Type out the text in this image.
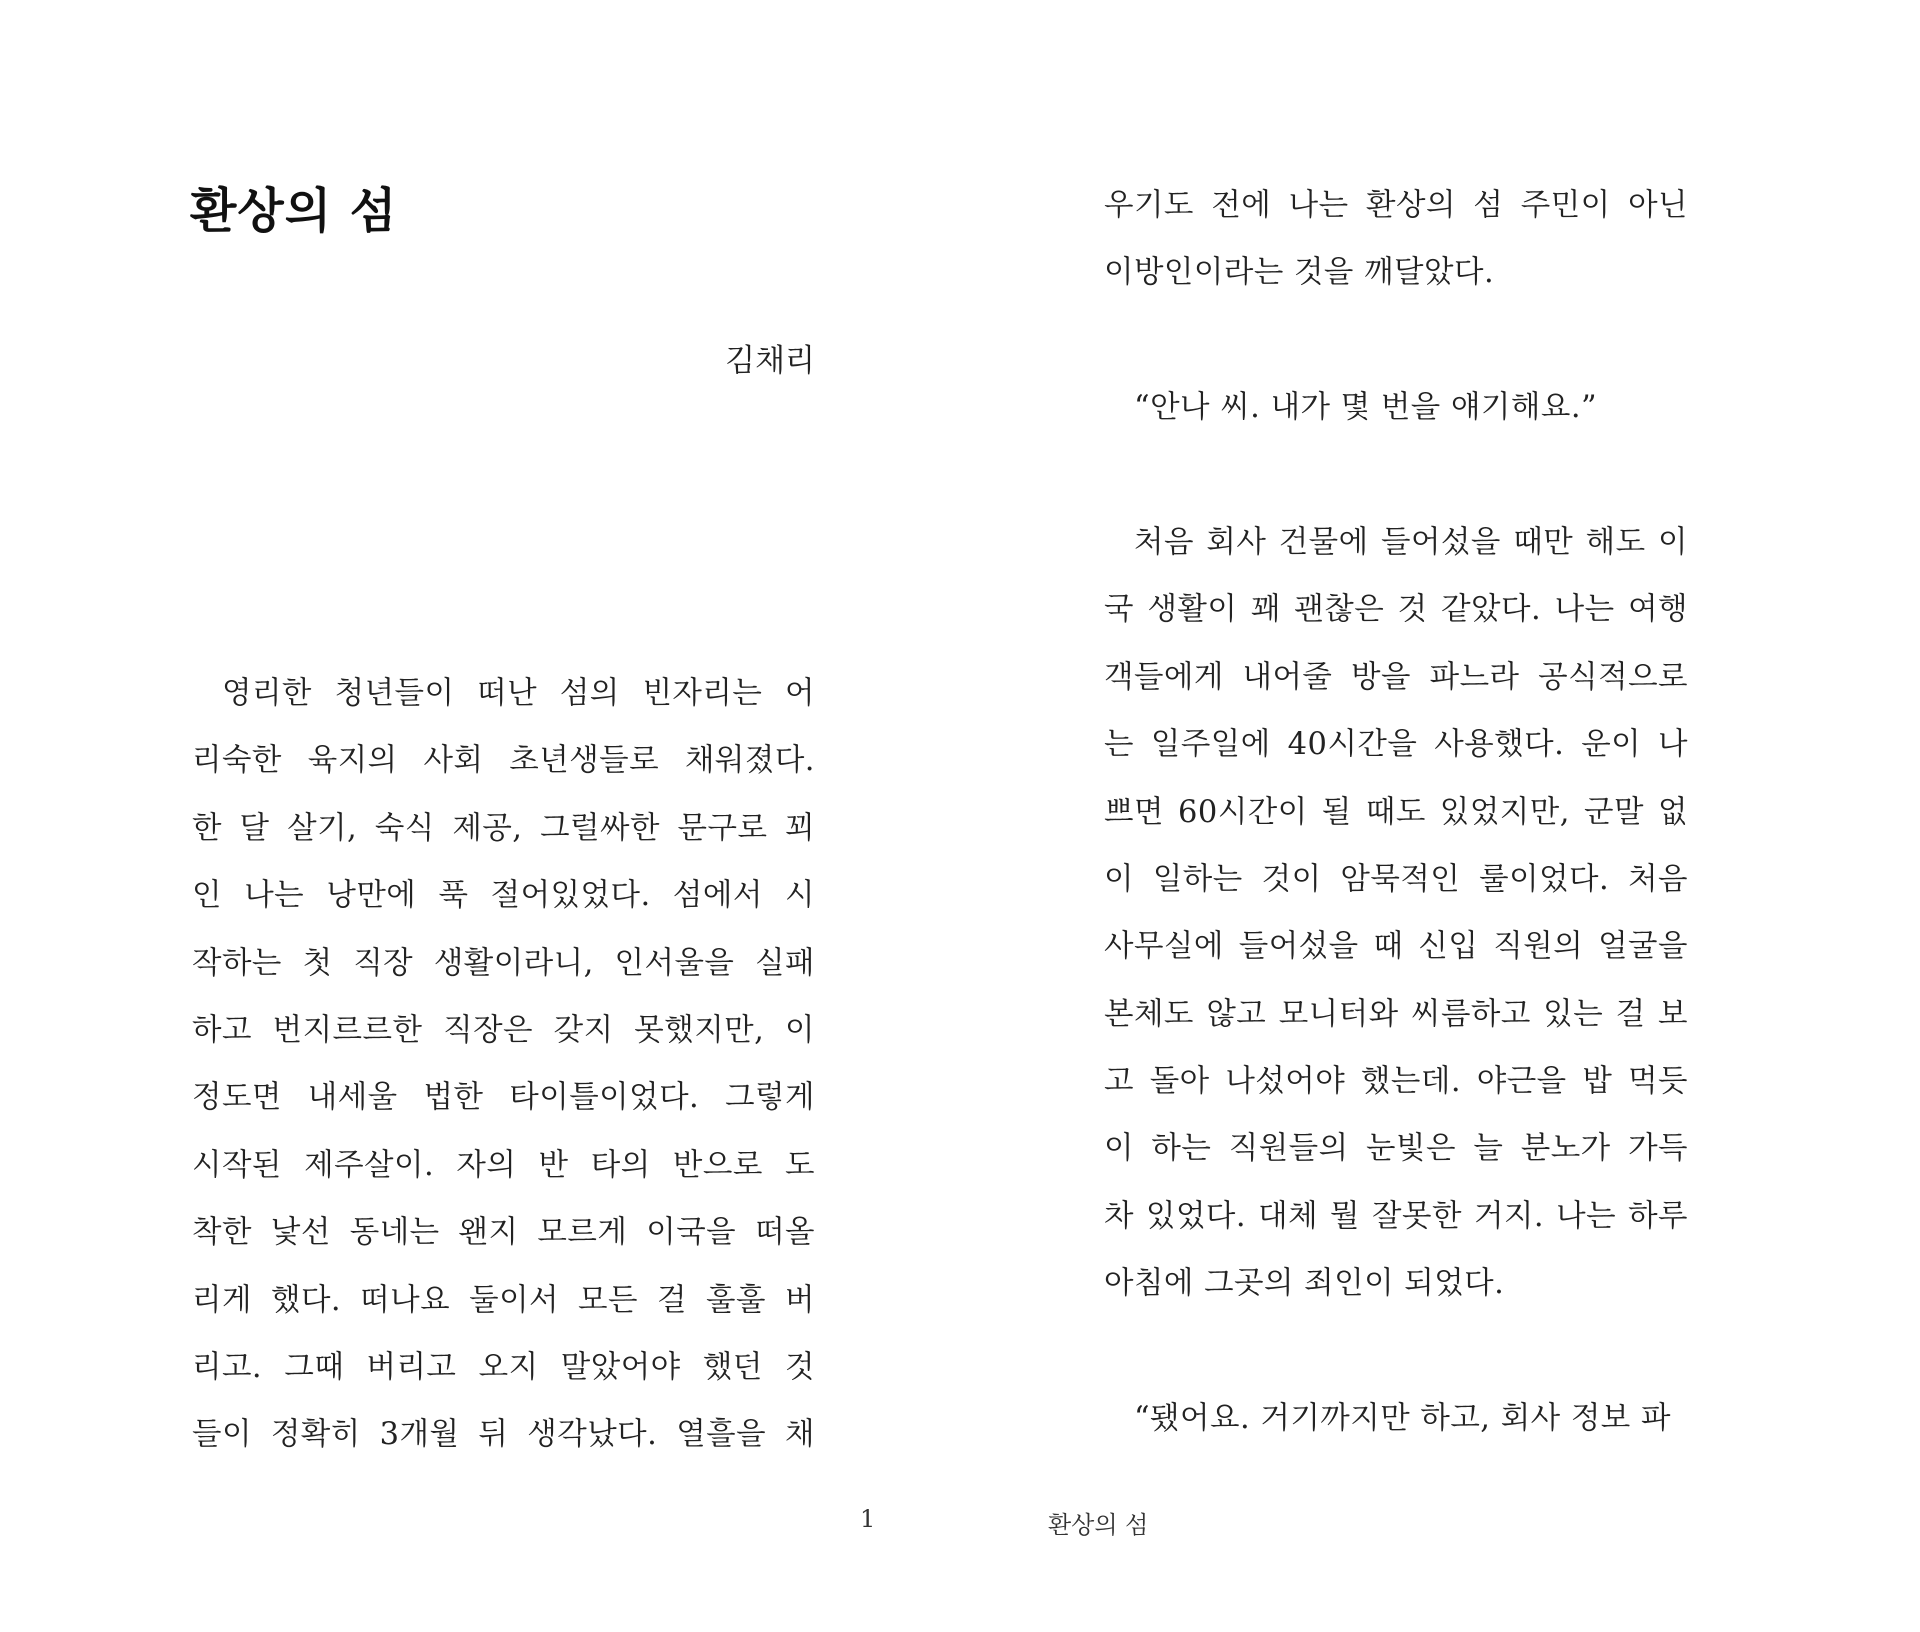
환상의 섬
김채리
영리한 청년들이 떠난 섬의 빈자리는 어
리숙한 육지의 사회 초년생들로 채워졌다.
한 달 살기, 숙식 제공, 그럴싸한 문구로 꾀
인 나는 낭만에 푹 절어있었다. 섬에서 시
작하는 첫 직장 생활이라니, 인서울을 실패
하고 번지르르한 직장은 갖지 못했지만, 이
정도면 내세울 법한 타이틀이었다. 그렇게
시작된 제주살이. 자의 반 타의 반으로 도
착한 낯선 동네는 왠지 모르게 이국을 떠올
리게 했다. 떠나요 둘이서 모든 걸 훌훌 버
리고. 그때 버리고 오지 말았어야 했던 것
들이 정확히 3개월 뒤 생각났다. 열흘을 채
우기도 전에 나는 환상의 섬 주민이 아닌
이방인이라는 것을 깨달았다.
“안나 씨. 내가 몇 번을 얘기해요.”
처음 회사 건물에 들어섰을 때만 해도 이
국 생활이 꽤 괜찮은 것 같았다. 나는 여행
객들에게 내어줄 방을 파느라 공식적으로
는 일주일에 40시간을 사용했다. 운이 나
쁘면 60시간이 될 때도 있었지만, 군말 없
이 일하는 것이 암묵적인 룰이었다. 처음
사무실에 들어섰을 때 신입 직원의 얼굴을
본체도 않고 모니터와 씨름하고 있는 걸 보
고 돌아 나섰어야 했는데. 야근을 밥 먹듯
이 하는 직원들의 눈빛은 늘 분노가 가득
차 있었다. 대체 뭘 잘못한 거지. 나는 하루
아침에 그곳의 죄인이 되었다.
“됐어요. 거기까지만 하고, 회사 정보 파
1	환상의 섬
